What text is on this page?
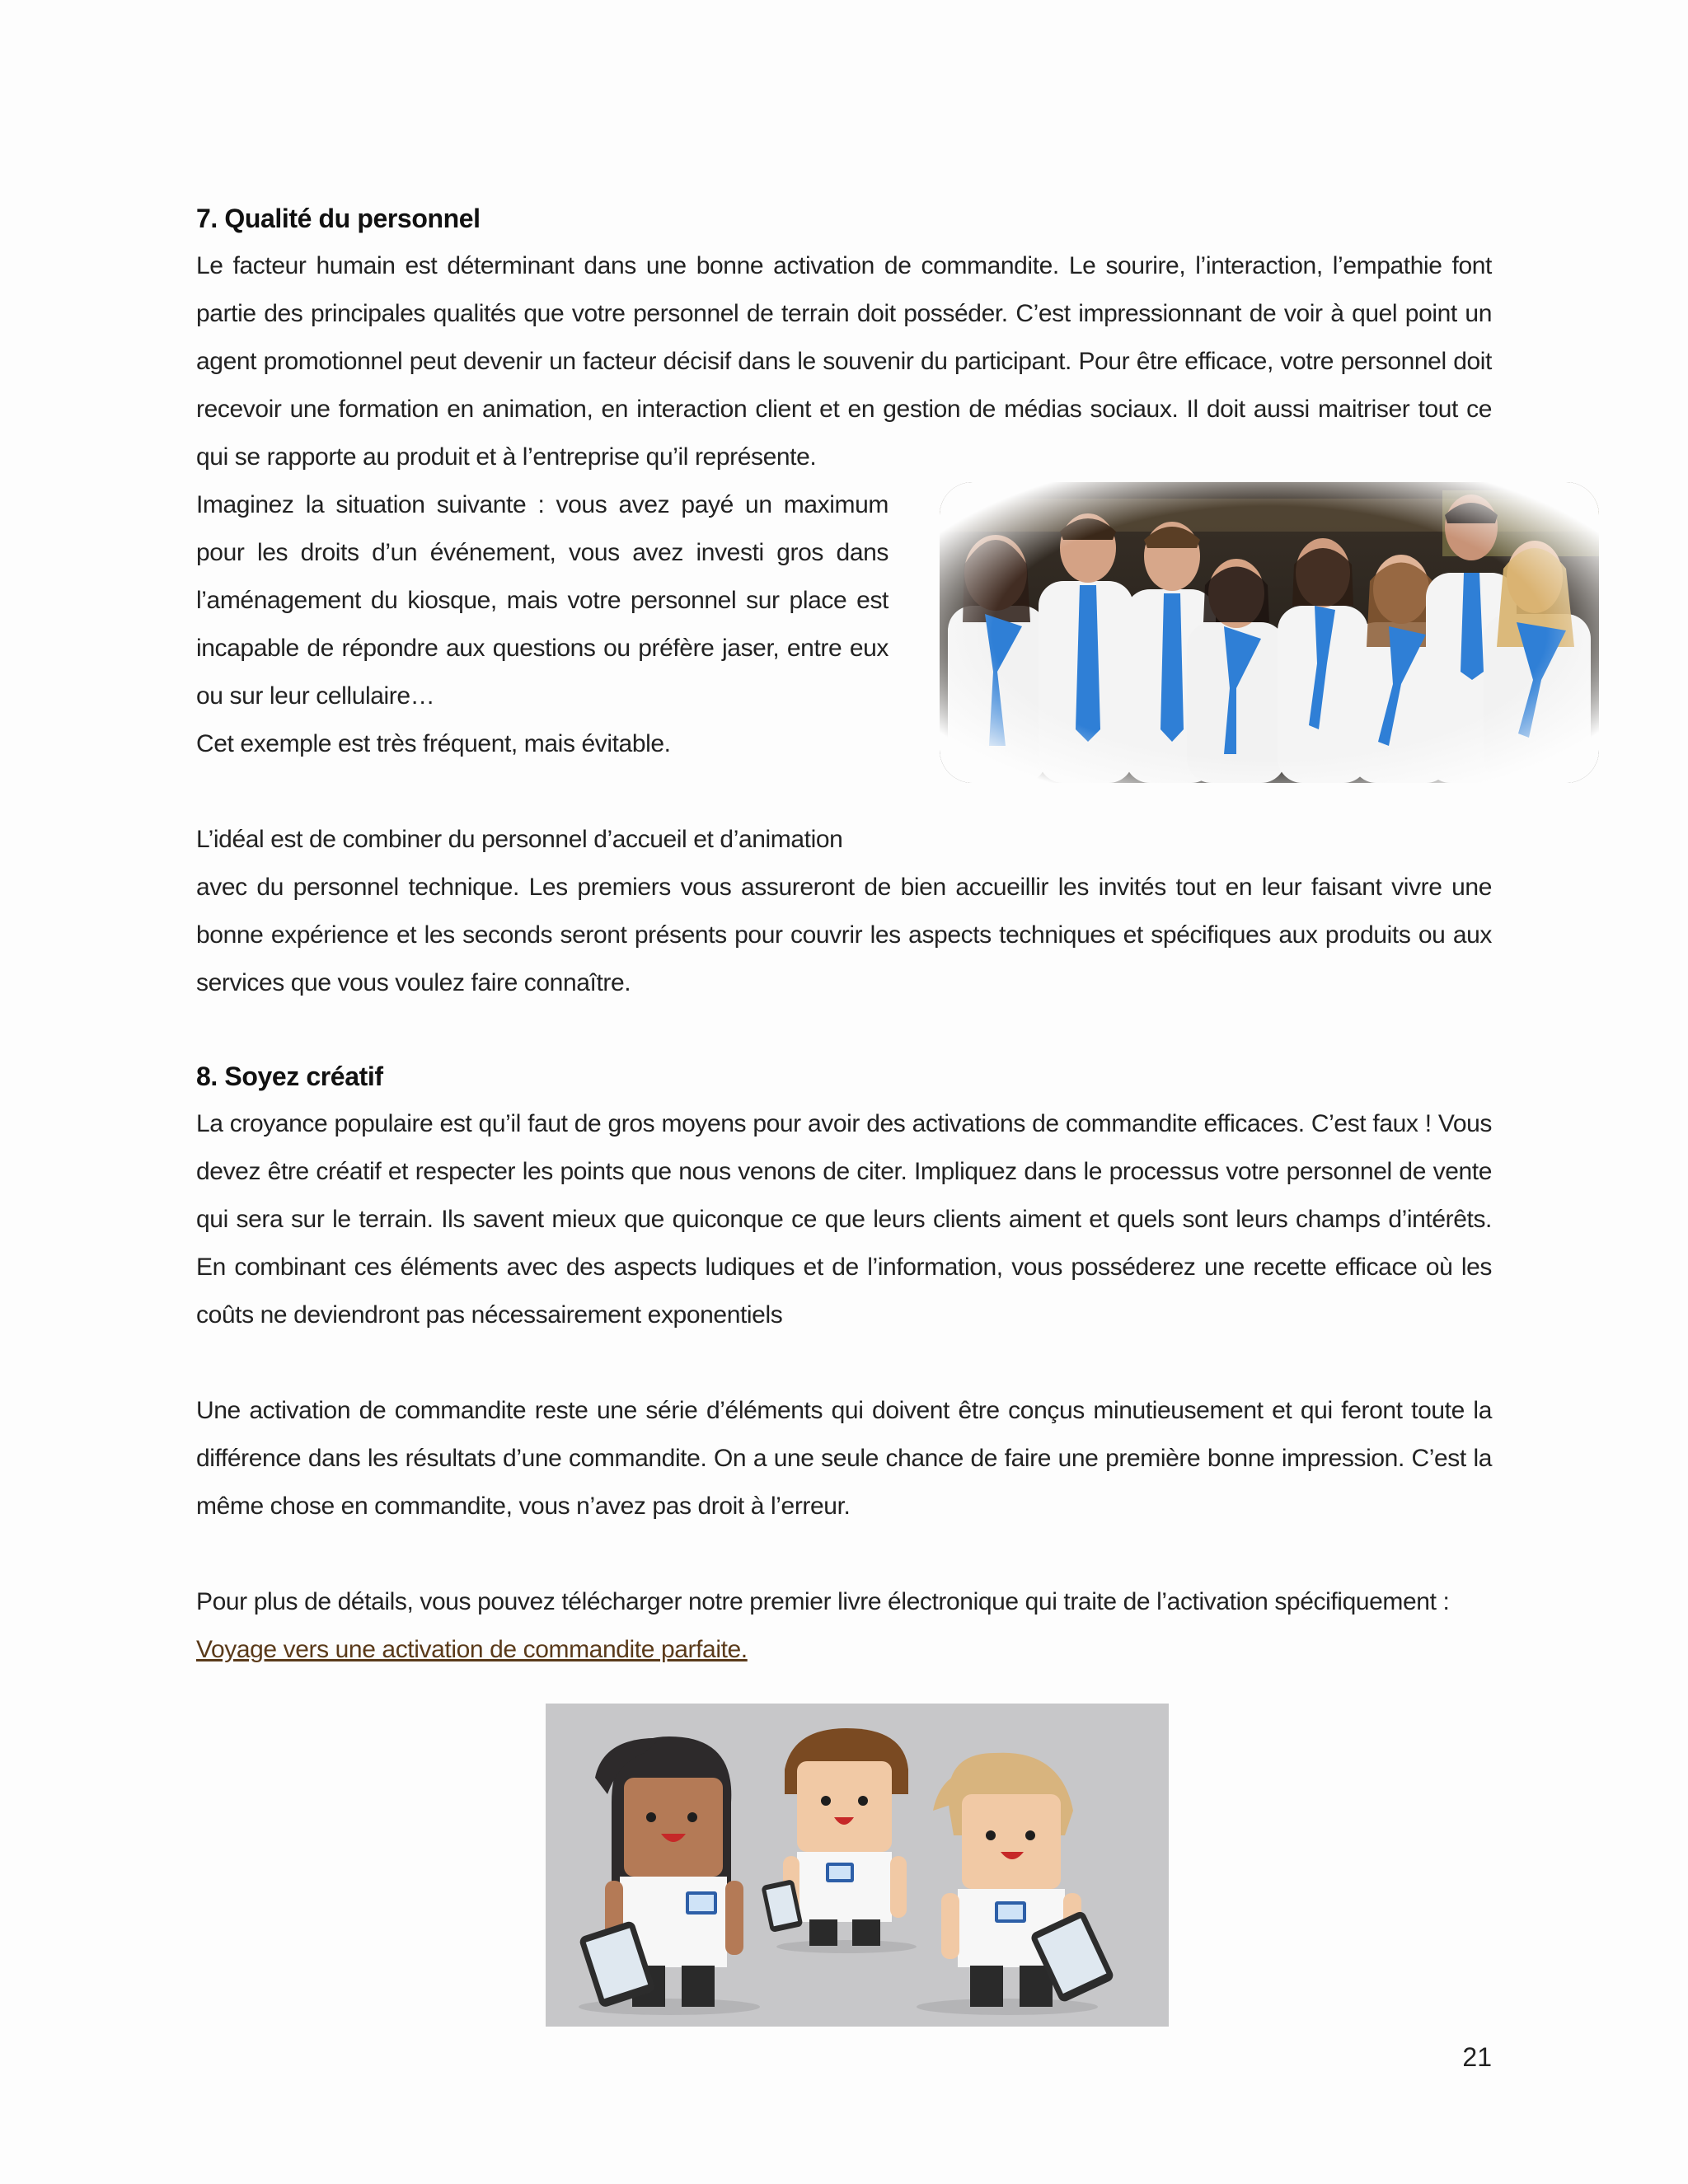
7. Qualité du personnel

Le facteur humain est déterminant dans une bonne activation de commandite. Le sourire, l’interaction, l’empathie font partie des principales qualités que votre personnel de terrain doit posséder. C’est impressionnant de voir à quel point un agent promotionnel peut devenir un facteur décisif dans le souvenir du participant. Pour être efficace, votre personnel doit recevoir une formation en animation, en interaction client et en gestion de médias sociaux. Il doit aussi maitriser tout ce qui se rapporte au produit et à l’entreprise qu’il représente.

Imaginez la situation suivante : vous avez payé un maximum pour les droits d’un événement, vous avez investi gros dans l’aménagement du kiosque, mais votre personnel sur place est incapable de répondre aux questions ou préfère jaser, entre eux ou sur leur cellulaire…

Cet exemple est très fréquent, mais évitable.

L’idéal est de combiner du personnel d’accueil et d’animation

avec du personnel technique. Les premiers vous assureront de bien accueillir les invités tout en leur faisant vivre une bonne expérience et les seconds seront présents pour couvrir les aspects techniques et spécifiques aux produits ou aux services que vous voulez faire connaître.

8. Soyez créatif

La croyance populaire est qu’il faut de gros moyens pour avoir des activations de commandite efficaces. C’est faux ! Vous devez être créatif et respecter les points que nous venons de citer. Impliquez dans le processus votre personnel de vente qui sera sur le terrain. Ils savent mieux que quiconque ce que leurs clients aiment et quels sont leurs champs d’intérêts. En combinant ces éléments avec des aspects ludiques et de l’information, vous posséderez une recette efficace où les coûts ne deviendront pas nécessairement exponentiels

Une activation de commandite reste une série d’éléments qui doivent être conçus minutieusement et qui feront toute la différence dans les résultats d’une commandite. On a une seule chance de faire une première bonne impression. C’est la même chose en commandite, vous n’avez pas droit à l’erreur.

Pour plus de détails, vous pouvez télécharger notre premier livre électronique qui traite de l’activation spécifiquement :

Voyage vers une activation de commandite parfaite.

21
